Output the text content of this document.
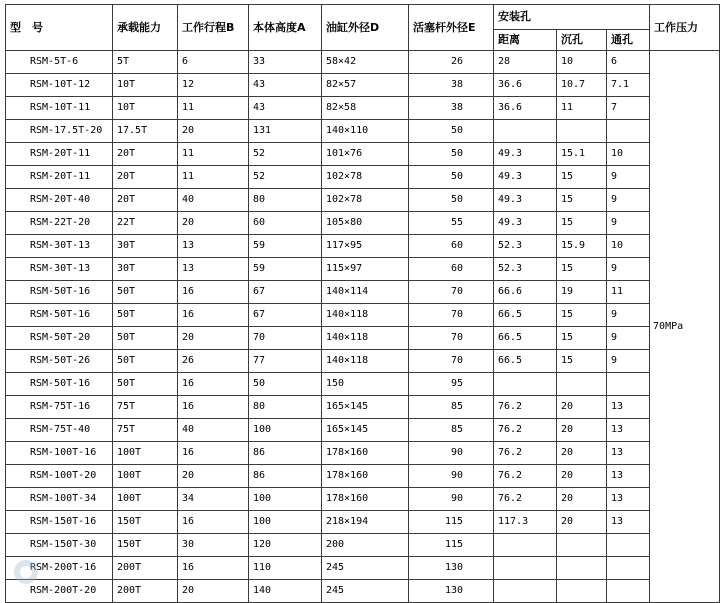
型　号	承载能力	工作行程B	本体高度A	油缸外径D	活塞杆外径E	安装孔			工作压力
						距离	沉孔	通孔	
RSM-5T-6	5T	6	33	58×42	26	28	10	6	70MPa
RSM-10T-12	10T	12	43	82×57	38	36.6	10.7	7.1	
RSM-10T-11	10T	11	43	82×58	38	36.6	11	7	
RSM-17.5T-20	17.5T	20	131	140×110	50				
RSM-20T-11	20T	11	52	101×76	50	49.3	15.1	10	
RSM-20T-11	20T	11	52	102×78	50	49.3	15	9	
RSM-20T-40	20T	40	80	102×78	50	49.3	15	9	
RSM-22T-20	22T	20	60	105×80	55	49.3	15	9	
RSM-30T-13	30T	13	59	117×95	60	52.3	15.9	10	
RSM-30T-13	30T	13	59	115×97	60	52.3	15	9	
RSM-50T-16	50T	16	67	140×114	70	66.6	19	11	
RSM-50T-16	50T	16	67	140×118	70	66.5	15	9	
RSM-50T-20	50T	20	70	140×118	70	66.5	15	9	
RSM-50T-26	50T	26	77	140×118	70	66.5	15	9	
RSM-50T-16	50T	16	50	150	95				
RSM-75T-16	75T	16	80	165×145	85	76.2	20	13	
RSM-75T-40	75T	40	100	165×145	85	76.2	20	13	
RSM-100T-16	100T	16	86	178×160	90	76.2	20	13	
RSM-100T-20	100T	20	86	178×160	90	76.2	20	13	
RSM-100T-34	100T	34	100	178×160	90	76.2	20	13	
RSM-150T-16	150T	16	100	218×194	115	117.3	20	13	
RSM-150T-30	150T	30	120	200	115				
RSM-200T-16	200T	16	110	245	130				
RSM-200T-20	200T	20	140	245	130				
